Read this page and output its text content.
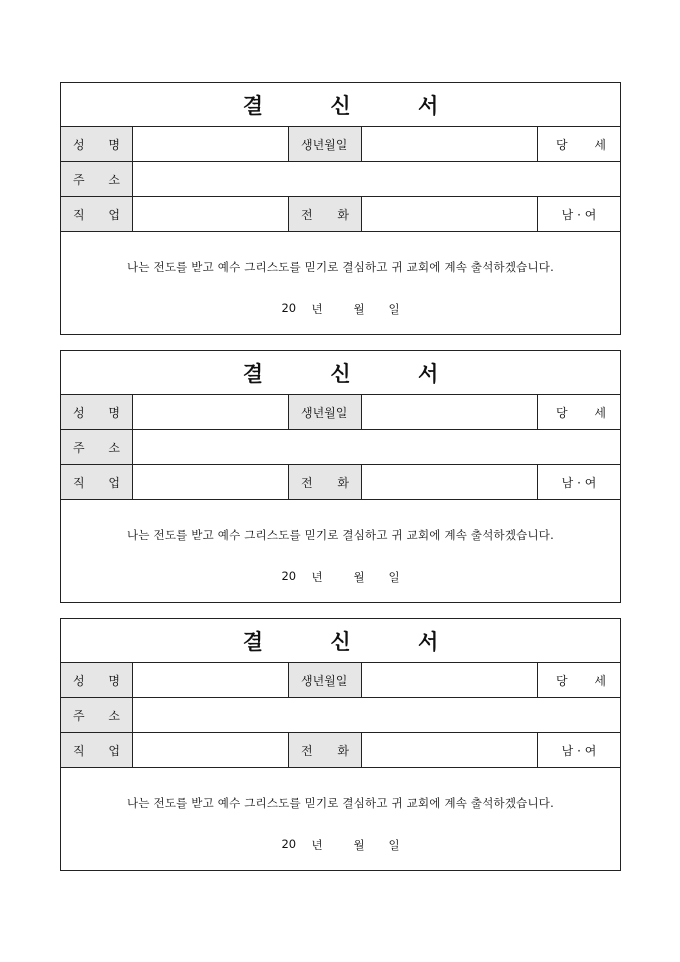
결 신 서
성 명	생년월일	당 세
주 소
직 업	전 화	남 · 여
나는 전도를 받고 예수 그리스도를 믿기로 결심하고 귀 교회에 계속 출석하겠습니다.
20	년	월	일
결 신 서
성 명	생년월일	당 세
주 소
직 업	전 화	남 · 여
나는 전도를 받고 예수 그리스도를 믿기로 결심하고 귀 교회에 계속 출석하겠습니다.
20	년	월	일
결 신 서
성 명	생년월일	당 세
주 소
직 업	전 화	남 · 여
나는 전도를 받고 예수 그리스도를 믿기로 결심하고 귀 교회에 계속 출석하겠습니다.
20	년	월	일
